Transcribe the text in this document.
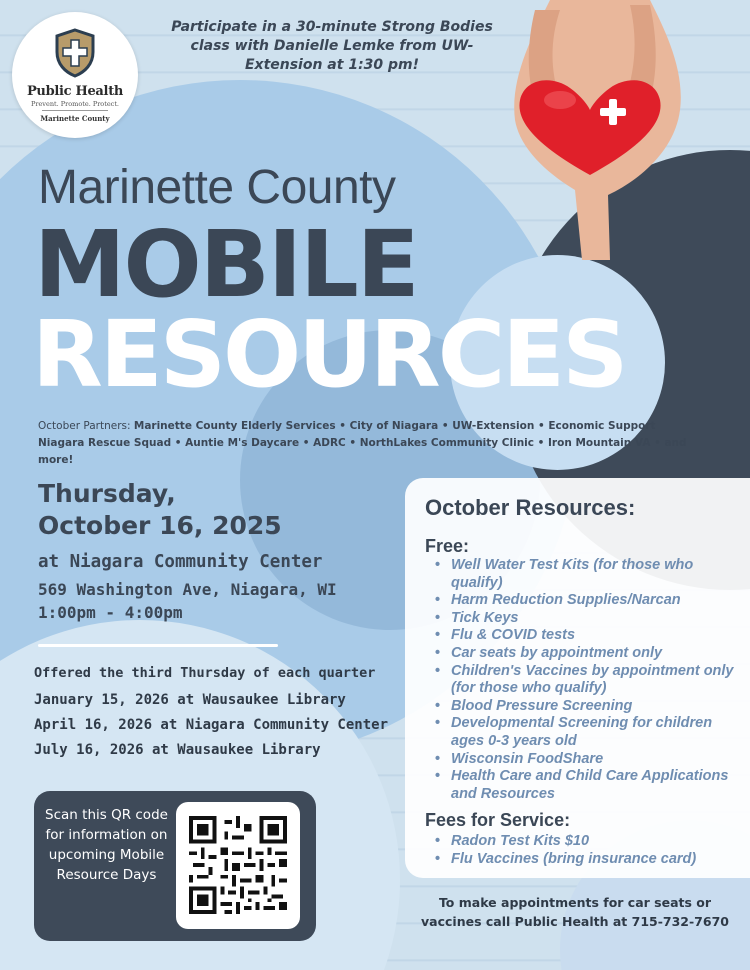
Public Health
Prevent. Promote. Protect.
Marinette County
Participate in a 30-minute Strong Bodies class with Danielle Lemke from UW-Extension at 1:30 pm!
Marinette County
MOBILE
RESOURCES
October Partners: Marinette County Elderly Services • City of Niagara • UW-Extension • Economic Support
Niagara Rescue Squad • Auntie M's Daycare • ADRC • NorthLakes Community Clinic • Iron Mountain VA • and more!
Thursday,
October 16, 2025
at Niagara Community Center
569 Washington Ave, Niagara, WI
1:00pm - 4:00pm
Offered the third Thursday of each quarter
January 15, 2026 at Wausaukee Library
April 16, 2026 at Niagara Community Center
July 16, 2026 at Wausaukee Library
Scan this QR code for information on upcoming Mobile Resource Days
October Resources:
Free:
• Well Water Test Kits (for those who qualify)
• Harm Reduction Supplies/Narcan
• Tick Keys
• Flu & COVID tests
• Car seats by appointment only
• Children's Vaccines by appointment only (for those who qualify)
• Blood Pressure Screening
• Developmental Screening for children ages 0-3 years old
• Wisconsin FoodShare
• Health Care and Child Care Applications and Resources
Fees for Service:
• Radon Test Kits $10
• Flu Vaccines (bring insurance card)
To make appointments for car seats or vaccines call Public Health at 715-732-7670
